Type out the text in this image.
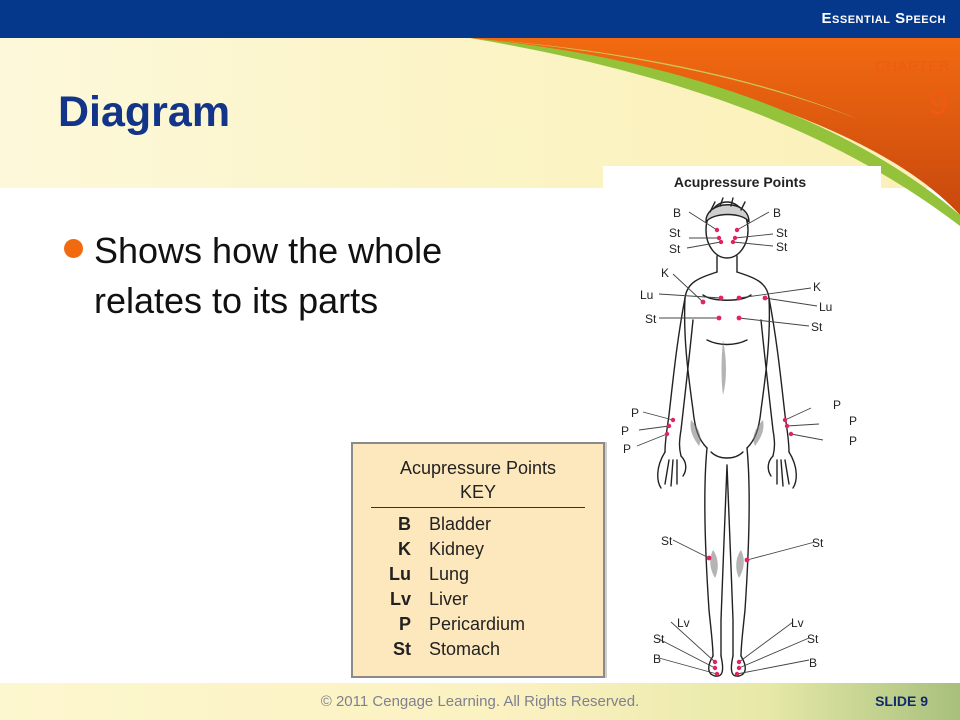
Essential Speech
CHAPTER
9
Diagram
Shows how the whole relates to its parts
Acupressure Points
B
St
St
B
St
St
K
Lu
St
K
Lu
St
P
P
P
P
P
P
St	St
Lv
St
B
Lv
St
B
Acupressure Points
KEY
B Bladder
K Kidney
Lu Lung
Lv Liver
P Pericardium
St Stomach
© 2011 Cengage Learning. All Rights Reserved.	SLIDE 9
